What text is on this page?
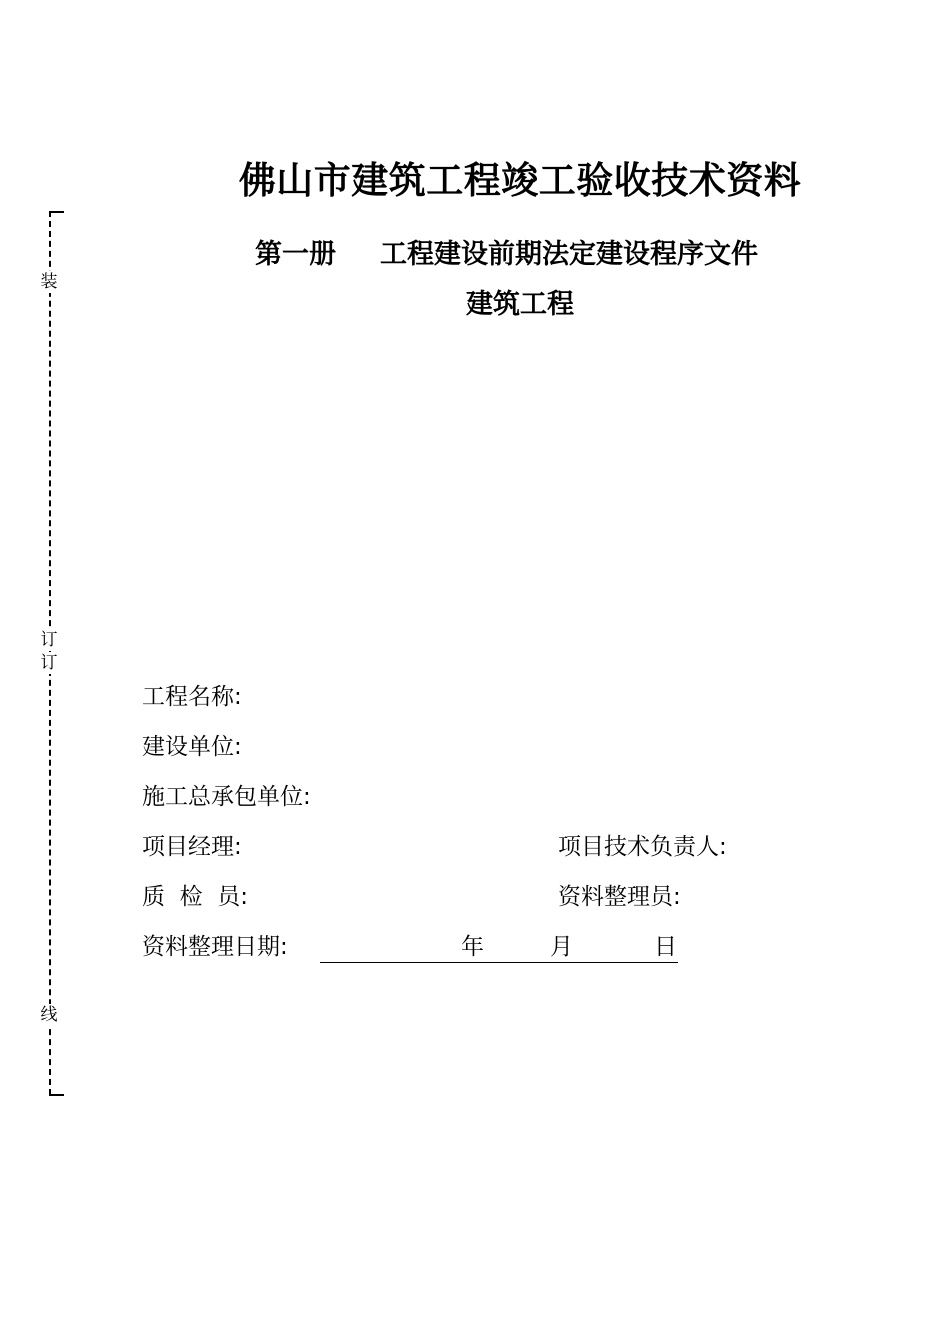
装
订
订
线
佛山市建筑工程竣工验收技术资料
第一册 工程建设前期法定建设程序文件
建筑工程
工程名称:
建设单位:
施工总承包单位:
项目经理:	项目技术负责人:
质  检  员:	资料整理员:
资料整理日期:	年	月	日
